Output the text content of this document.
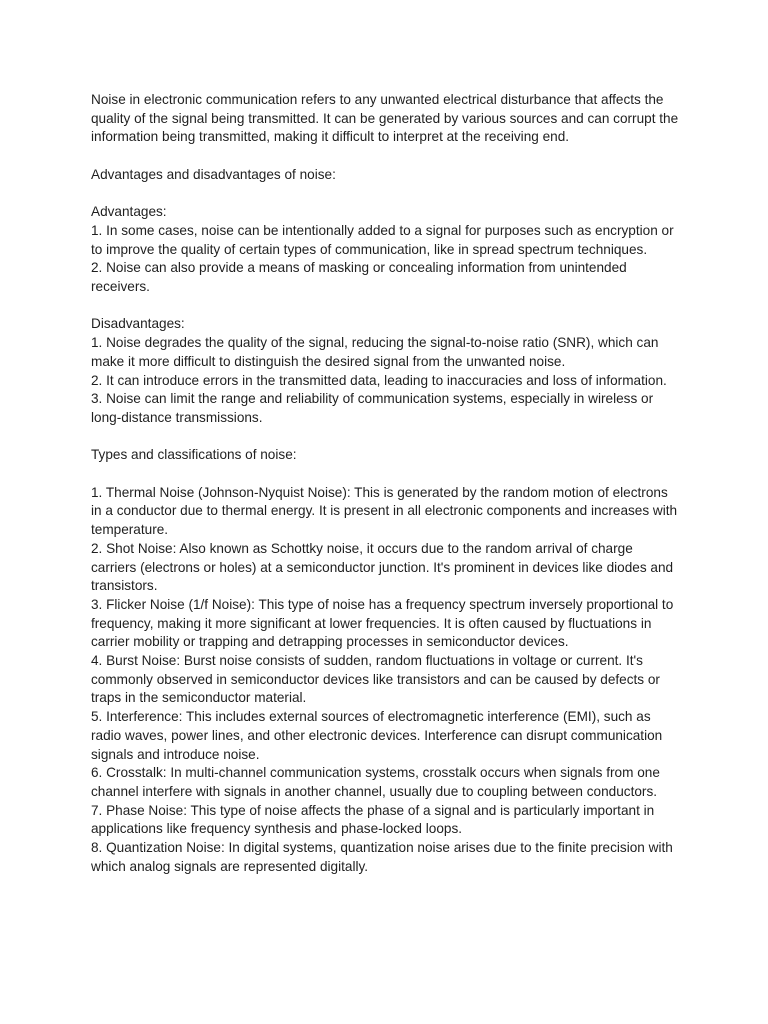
Noise in electronic communication refers to any unwanted electrical disturbance that affects the quality of the signal being transmitted. It can be generated by various sources and can corrupt the information being transmitted, making it difficult to interpret at the receiving end.

Advantages and disadvantages of noise:

Advantages:

1. In some cases, noise can be intentionally added to a signal for purposes such as encryption or to improve the quality of certain types of communication, like in spread spectrum techniques.

2. Noise can also provide a means of masking or concealing information from unintended receivers.

Disadvantages:

1. Noise degrades the quality of the signal, reducing the signal-to-noise ratio (SNR), which can make it more difficult to distinguish the desired signal from the unwanted noise.

2. It can introduce errors in the transmitted data, leading to inaccuracies and loss of information.

3. Noise can limit the range and reliability of communication systems, especially in wireless or long-distance transmissions.

Types and classifications of noise:

1. Thermal Noise (Johnson-Nyquist Noise): This is generated by the random motion of electrons in a conductor due to thermal energy. It is present in all electronic components and increases with temperature.

2. Shot Noise: Also known as Schottky noise, it occurs due to the random arrival of charge carriers (electrons or holes) at a semiconductor junction. It's prominent in devices like diodes and transistors.

3. Flicker Noise (1/f Noise): This type of noise has a frequency spectrum inversely proportional to frequency, making it more significant at lower frequencies. It is often caused by fluctuations in carrier mobility or trapping and detrapping processes in semiconductor devices.

4. Burst Noise: Burst noise consists of sudden, random fluctuations in voltage or current. It's commonly observed in semiconductor devices like transistors and can be caused by defects or traps in the semiconductor material.

5. Interference: This includes external sources of electromagnetic interference (EMI), such as radio waves, power lines, and other electronic devices. Interference can disrupt communication signals and introduce noise.

6. Crosstalk: In multi-channel communication systems, crosstalk occurs when signals from one channel interfere with signals in another channel, usually due to coupling between conductors.

7. Phase Noise: This type of noise affects the phase of a signal and is particularly important in applications like frequency synthesis and phase-locked loops.

8. Quantization Noise: In digital systems, quantization noise arises due to the finite precision with which analog signals are represented digitally.
